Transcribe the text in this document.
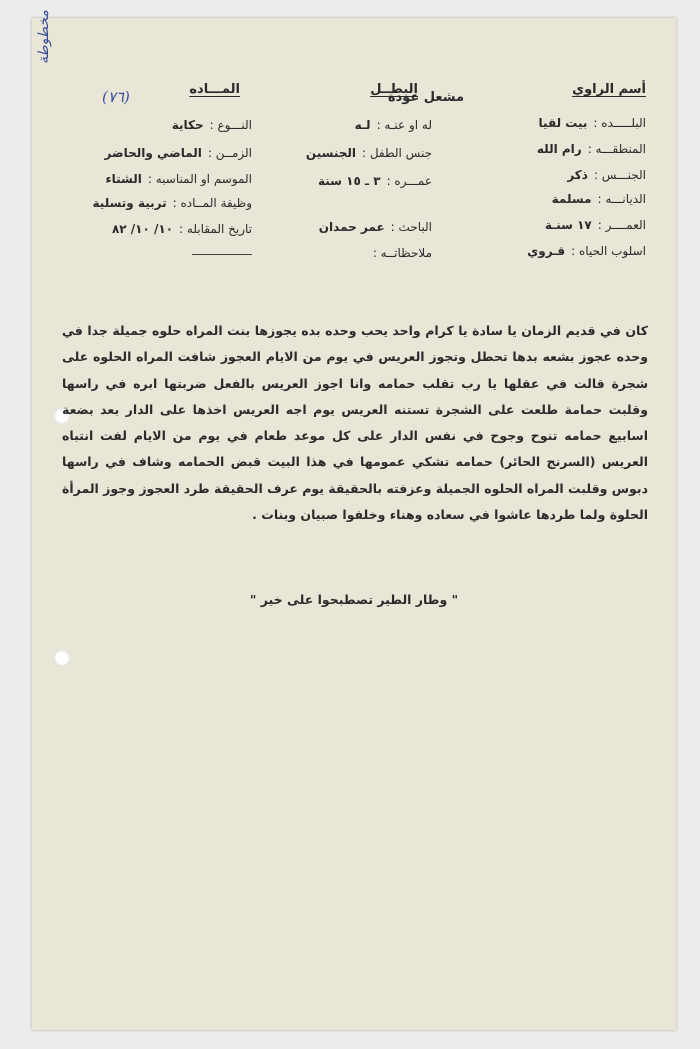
مخطوطة
أسم الراوي
مشعل عودة
البلـــــده :بيت لقيا
المنطقـــه :رام الله
الجنـــس :ذكر
الديانـــه :مسلمة
العمــــر :١٧ سنـة
اسلوب الحياه :قـروي
البطــل
له او عنـه :لـه
جنس الطفل :الجنسين
عمـــره :٣ ـ ١٥ سنة
الباحث :عمر حمدان
ملاحظاتــه :
المـــاده
(٧٦)
النـــوع :حكاية
الزمــن :الماضي والحاضر
الموسم او المناسبه :الشتاء
وظيفة المــاده :تربية وتسلية
تاريخ المقابله :١٠/ ١٠/ ٨٢
كان في قديم الزمان يا سادة يا كرام واحد يحب وحده بده يجوزها بنت المراه حلوه جميلة جدا في وحده عجوز بشعه بدها تحطل وتجوز العريس في يوم من الايام العجوز شافت المراه الحلوه على شجرة قالت في عقلها يا رب تقلب حمامه وانا اجوز العريس بالفعل ضربتها ابره في راسها وقلبت حمامة طلعت على الشجرة تستنه العريس يوم اجه العريس اخذها على الدار بعد بضعة اسابيع حمامه تنوح وجوح في نفس الدار على كل موعد طعام في يوم من الايام لفت انتباه العريس (السرنج الحائر) حمامه تشكي عمومها في هذا البيت قبض الحمامه وشاف في راسها دبوس وقلبت المراه الحلوه الجميلة وعزفته بالحقيقة يوم عرف الحقيقة طرد العجوز وجوز المرأة الحلوة ولما طردها عاشوا في سعاده وهناء وخلفوا صبيان وبنات .
" وطار الطير تصطبحوا على خير "
